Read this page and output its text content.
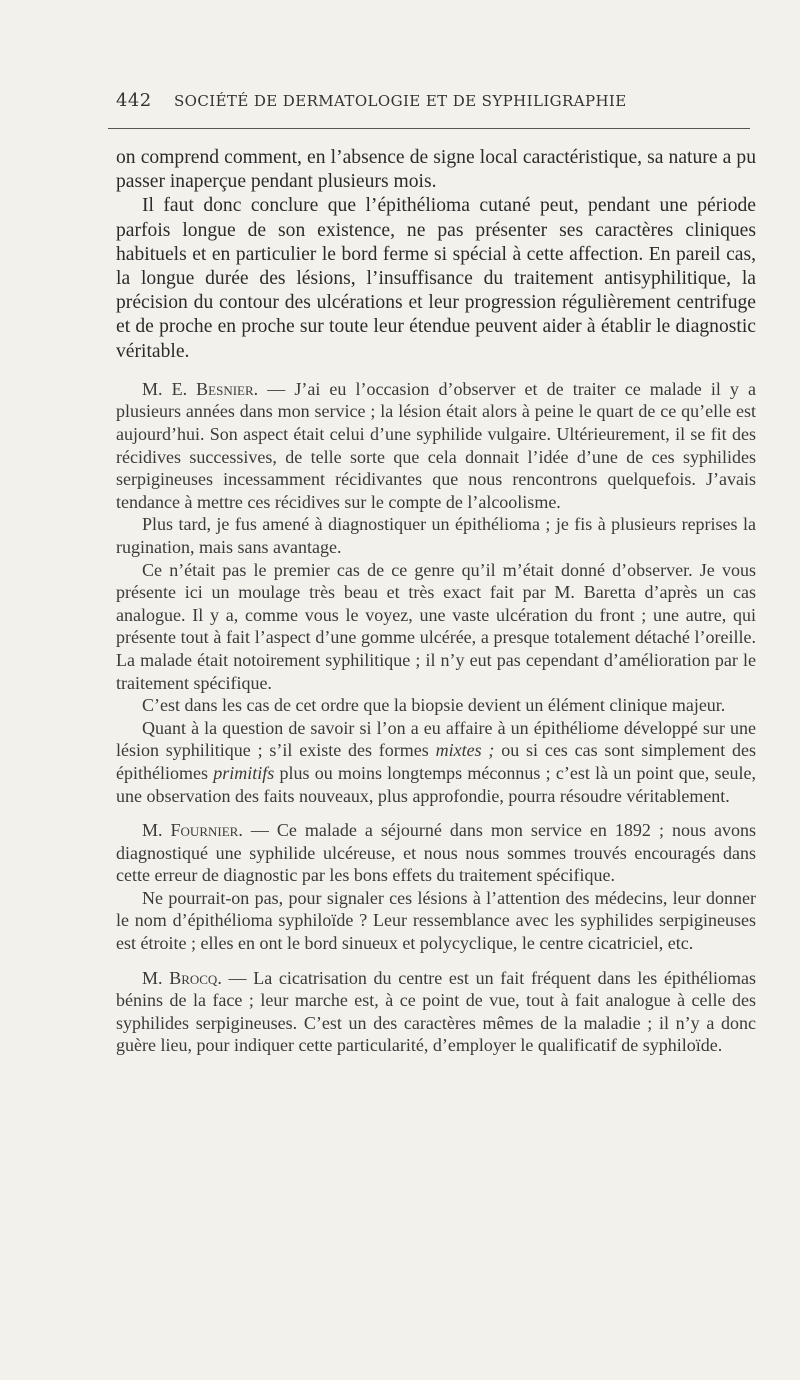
442 SOCIÉTÉ DE DERMATOLOGIE ET DE SYPHILIGRAPHIE

on comprend comment, en l’absence de signe local caractéristique, sa nature a pu passer inaperçue pendant plusieurs mois.

Il faut donc conclure que l’épithélioma cutané peut, pendant une période parfois longue de son existence, ne pas présenter ses caractères cliniques habituels et en particulier le bord ferme si spécial à cette affection. En pareil cas, la longue durée des lésions, l’insuffisance du traitement antisyphilitique, la précision du contour des ulcérations et leur progression régulièrement centrifuge et de proche en proche sur toute leur étendue peuvent aider à établir le diagnostic véritable.

M. E. Besnier. — J’ai eu l’occasion d’observer et de traiter ce malade il y a plusieurs années dans mon service ; la lésion était alors à peine le quart de ce qu’elle est aujourd’hui. Son aspect était celui d’une syphilide vulgaire. Ultérieurement, il se fit des récidives successives, de telle sorte que cela donnait l’idée d’une de ces syphilides serpigineuses incessamment récidivantes que nous rencontrons quelquefois. J’avais tendance à mettre ces récidives sur le compte de l’alcoolisme.

Plus tard, je fus amené à diagnostiquer un épithélioma ; je fis à plusieurs reprises la rugination, mais sans avantage.

Ce n’était pas le premier cas de ce genre qu’il m’était donné d’observer. Je vous présente ici un moulage très beau et très exact fait par M. Baretta d’après un cas analogue. Il y a, comme vous le voyez, une vaste ulcération du front ; une autre, qui présente tout à fait l’aspect d’une gomme ulcérée, a presque totalement détaché l’oreille. La malade était notoirement syphilitique ; il n’y eut pas cependant d’amélioration par le traitement spécifique.

C’est dans les cas de cet ordre que la biopsie devient un élément clinique majeur.

Quant à la question de savoir si l’on a eu affaire à un épithéliome développé sur une lésion syphilitique ; s’il existe des formes mixtes ; ou si ces cas sont simplement des épithéliomes primitifs plus ou moins longtemps méconnus ; c’est là un point que, seule, une observation des faits nouveaux, plus approfondie, pourra résoudre véritablement.

M. Fournier. — Ce malade a séjourné dans mon service en 1892 ; nous avons diagnostiqué une syphilide ulcéreuse, et nous nous sommes trouvés encouragés dans cette erreur de diagnostic par les bons effets du traitement spécifique.

Ne pourrait-on pas, pour signaler ces lésions à l’attention des médecins, leur donner le nom d’épithélioma syphiloïde ? Leur ressemblance avec les syphilides serpigineuses est étroite ; elles en ont le bord sinueux et polycyclique, le centre cicatriciel, etc.

M. Brocq. — La cicatrisation du centre est un fait fréquent dans les épithéliomas bénins de la face ; leur marche est, à ce point de vue, tout à fait analogue à celle des syphilides serpigineuses. C’est un des caractères mêmes de la maladie ; il n’y a donc guère lieu, pour indiquer cette particularité, d’employer le qualificatif de syphiloïde.
